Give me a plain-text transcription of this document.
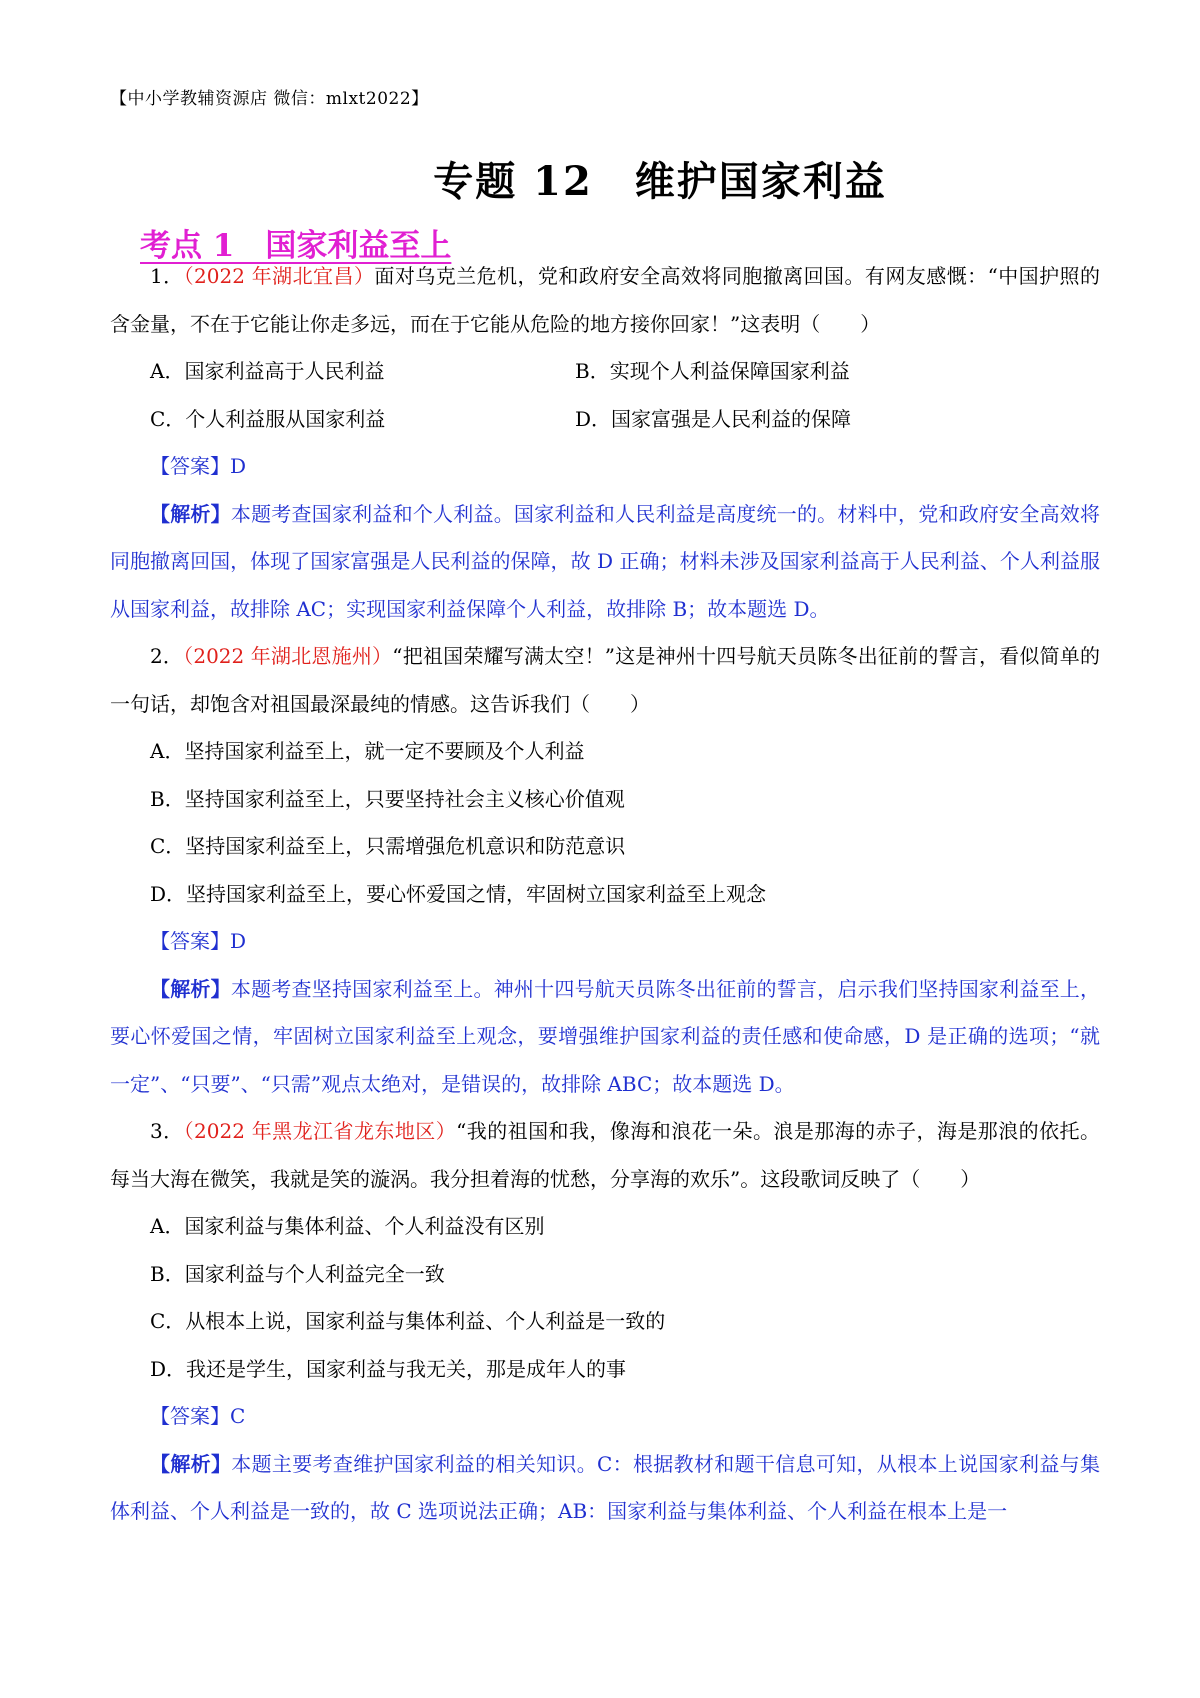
【中小学教辅资源店 微信：mlxt2022】
专题 12　维护国家利益
考点 1　国家利益至上
1．（2022 年湖北宜昌）面对乌克兰危机，党和政府安全高效将同胞撤离回国。有网友感慨：“中国护照的含金量，不在于它能让你走多远，而在于它能从危险的地方接你回家！”这表明（　　）
A．国家利益高于人民利益	B．实现个人利益保障国家利益
C．个人利益服从国家利益	D．国家富强是人民利益的保障
【答案】D
【解析】本题考查国家利益和个人利益。国家利益和人民利益是高度统一的。材料中，党和政府安全高效将同胞撤离回国，体现了国家富强是人民利益的保障，故 D 正确；材料未涉及国家利益高于人民利益、个人利益服从国家利益，故排除 AC；实现国家利益保障个人利益，故排除 B；故本题选 D。
2．（2022 年湖北恩施州）“把祖国荣耀写满太空！”这是神州十四号航天员陈冬出征前的誓言，看似简单的一句话，却饱含对祖国最深最纯的情感。这告诉我们（　　）
A．坚持国家利益至上，就一定不要顾及个人利益
B．坚持国家利益至上，只要坚持社会主义核心价值观
C．坚持国家利益至上，只需增强危机意识和防范意识
D．坚持国家利益至上，要心怀爱国之情，牢固树立国家利益至上观念
【答案】D
【解析】本题考查坚持国家利益至上。神州十四号航天员陈冬出征前的誓言，启示我们坚持国家利益至上，要心怀爱国之情，牢固树立国家利益至上观念，要增强维护国家利益的责任感和使命感，D 是正确的选项；“就一定”、“只要”、“只需”观点太绝对，是错误的，故排除 ABC；故本题选 D。
3．（2022 年黑龙江省龙东地区）“我的祖国和我，像海和浪花一朵。浪是那海的赤子，海是那浪的依托。每当大海在微笑，我就是笑的漩涡。我分担着海的忧愁，分享海的欢乐”。这段歌词反映了（　　）
A．国家利益与集体利益、个人利益没有区别
B．国家利益与个人利益完全一致
C．从根本上说，国家利益与集体利益、个人利益是一致的
D．我还是学生，国家利益与我无关，那是成年人的事
【答案】C
【解析】本题主要考查维护国家利益的相关知识。C：根据教材和题干信息可知，从根本上说国家利益与集体利益、个人利益是一致的，故 C 选项说法正确；AB：国家利益与集体利益、个人利益在根本上是一
